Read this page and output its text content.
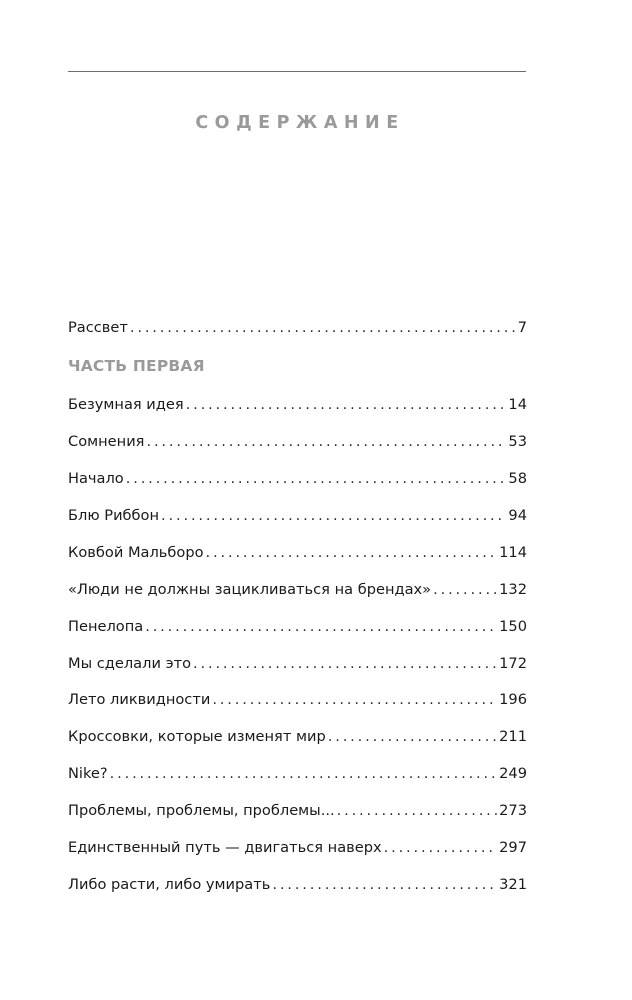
СОДЕРЖАНИЕ
Рассвет . . .	7
ЧАСТЬ ПЕРВАЯ
Безумная идея . . .	14
Сомнения . . .	53
Начало . . .	58
Блю Риббон . . .	94
Ковбой Мальборо . . .	114
«Люди не должны зацикливаться на брендах» . . .	132
Пенелопа . . .	150
Мы сделали это . . .	172
Лето ликвидности . . .	196
Кроссовки, которые изменят мир . . .	211
Nike? . . .	249
Проблемы, проблемы, проблемы... . . .	273
Единственный путь — двигаться наверх . . .	297
Либо расти, либо умирать . . .	321
